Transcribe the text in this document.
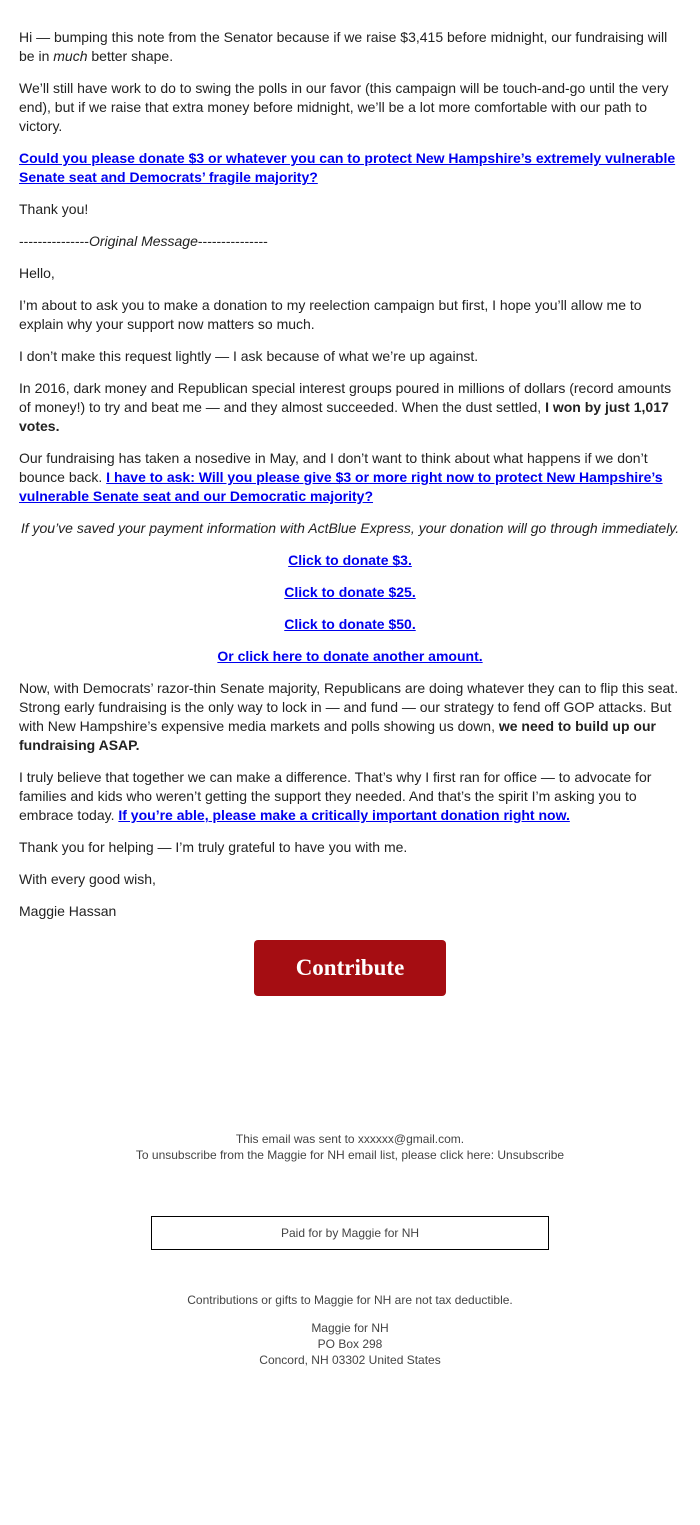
Hi — bumping this note from the Senator because if we raise $3,415 before midnight, our fundraising will be in much better shape.

We’ll still have work to do to swing the polls in our favor (this campaign will be touch-and-go until the very end), but if we raise that extra money before midnight, we’ll be a lot more comfortable with our path to victory.

Could you please donate $3 or whatever you can to protect New Hampshire’s extremely vulnerable Senate seat and Democrats’ fragile majority?

Thank you!

---------------Original Message---------------

Hello,

I’m about to ask you to make a donation to my reelection campaign but first, I hope you’ll allow me to explain why your support now matters so much.

I don’t make this request lightly — I ask because of what we’re up against.

In 2016, dark money and Republican special interest groups poured in millions of dollars (record amounts of money!) to try and beat me — and they almost succeeded. When the dust settled, I won by just 1,017 votes.

Our fundraising has taken a nosedive in May, and I don’t want to think about what happens if we don’t bounce back. I have to ask: Will you please give $3 or more right now to protect New Hampshire’s vulnerable Senate seat and our Democratic majority?

If you’ve saved your payment information with ActBlue Express, your donation will go through immediately.

Click to donate $3.

Click to donate $25.

Click to donate $50.

Or click here to donate another amount.

Now, with Democrats’ razor-thin Senate majority, Republicans are doing whatever they can to flip this seat. Strong early fundraising is the only way to lock in — and fund — our strategy to fend off GOP attacks. But with New Hampshire’s expensive media markets and polls showing us down, we need to build up our fundraising ASAP.

I truly believe that together we can make a difference. That’s why I first ran for office — to advocate for families and kids who weren’t getting the support they needed. And that’s the spirit I’m asking you to embrace today. If you’re able, please make a critically important donation right now.

Thank you for helping — I’m truly grateful to have you with me.

With every good wish,

Maggie Hassan

Contribute
This email was sent to xxxxxx@gmail.com.
To unsubscribe from the Maggie for NH email list, please click here: Unsubscribe
Paid for by Maggie for NH
Contributions or gifts to Maggie for NH are not tax deductible.
Maggie for NH
PO Box 298
Concord, NH 03302 United States
